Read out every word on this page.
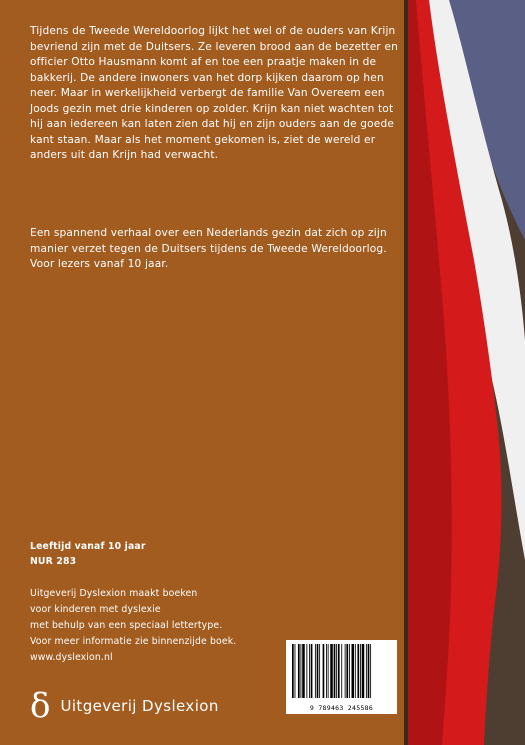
Tijdens de Tweede Wereldoorlog lijkt het wel of de ouders van Krijn bevriend zijn met de Duitsers. Ze leveren brood aan de bezetter en officier Otto Hausmann komt af en toe een praatje maken in de bakkerij. De andere inwoners van het dorp kijken daarom op hen neer. Maar in werkelijkheid verbergt de familie Van Overeem een Joods gezin met drie kinderen op zolder. Krijn kan niet wachten tot hij aan iedereen kan laten zien dat hij en zijn ouders aan de goede kant staan. Maar als het moment gekomen is, ziet de wereld er anders uit dan Krijn had verwacht.

Een spannend verhaal over een Nederlands gezin dat zich op zijn manier verzet tegen de Duitsers tijdens de Tweede Wereldoorlog. Voor lezers vanaf 10 jaar.

Leeftijd vanaf 10 jaar
NUR 283
Uitgeverij Dyslexion maakt boeken
voor kinderen met dyslexie
met behulp van een speciaal lettertype.
Voor meer informatie zie binnenzijde boek.
www.dyslexion.nl
9 789463 245586
δ Uitgeverij Dyslexion
